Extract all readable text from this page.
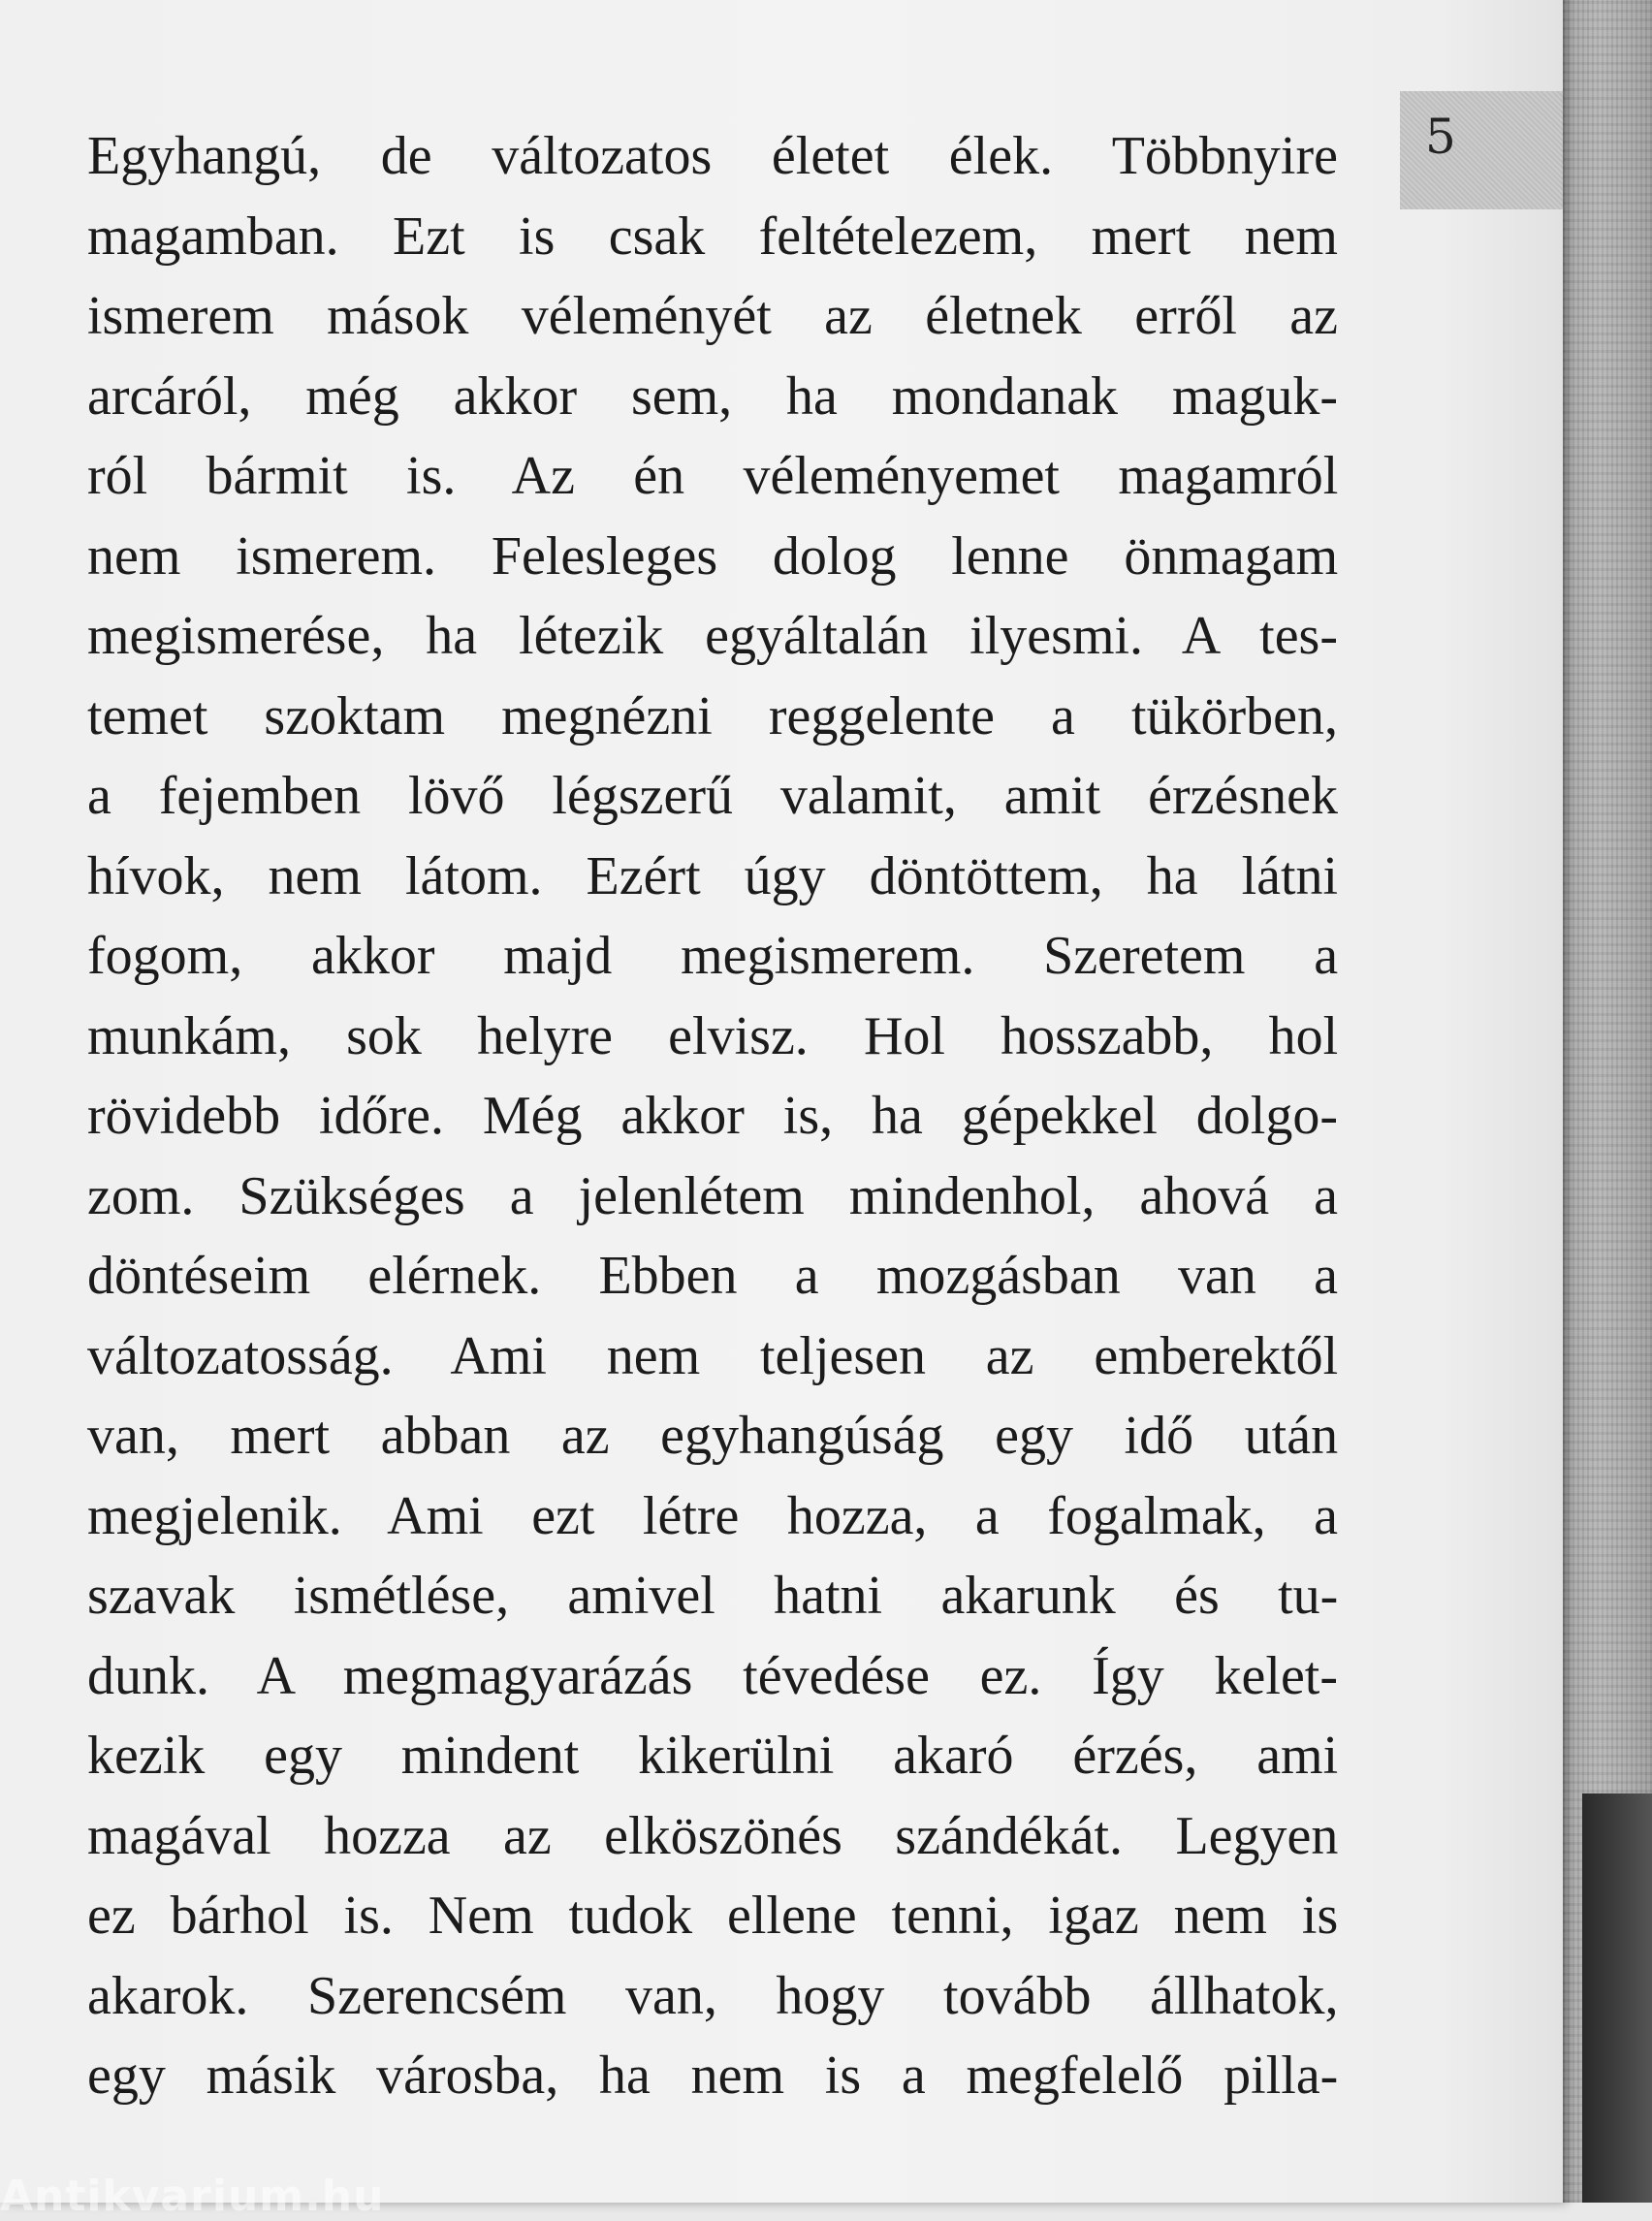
5
Egyhangú, de változatos életet élek. Többnyire
magamban. Ezt is csak feltételezem, mert nem
ismerem mások véleményét az életnek erről az
arcáról, még akkor sem, ha mondanak maguk-
ról bármit is. Az én véleményemet magamról
nem ismerem. Felesleges dolog lenne önmagam
megismerése, ha létezik egyáltalán ilyesmi. A tes-
temet szoktam megnézni reggelente a tükörben,
a fejemben lövő légszerű valamit, amit érzésnek
hívok, nem látom. Ezért úgy döntöttem, ha látni
fogom, akkor majd megismerem. Szeretem a
munkám, sok helyre elvisz. Hol hosszabb, hol
rövidebb időre. Még akkor is, ha gépekkel dolgo-
zom. Szükséges a jelenlétem mindenhol, ahová a
döntéseim elérnek. Ebben a mozgásban van a
változatosság. Ami nem teljesen az emberektől
van, mert abban az egyhangúság egy idő után
megjelenik. Ami ezt létre hozza, a fogalmak, a
szavak ismétlése, amivel hatni akarunk és tu-
dunk. A megmagyarázás tévedése ez. Így kelet-
kezik egy mindent kikerülni akaró érzés, ami
magával hozza az elköszönés szándékát. Legyen
ez bárhol is. Nem tudok ellene tenni, igaz nem is
akarok. Szerencsém van, hogy tovább állhatok,
egy másik városba, ha nem is a megfelelő pilla-
Antikvarium.hu
